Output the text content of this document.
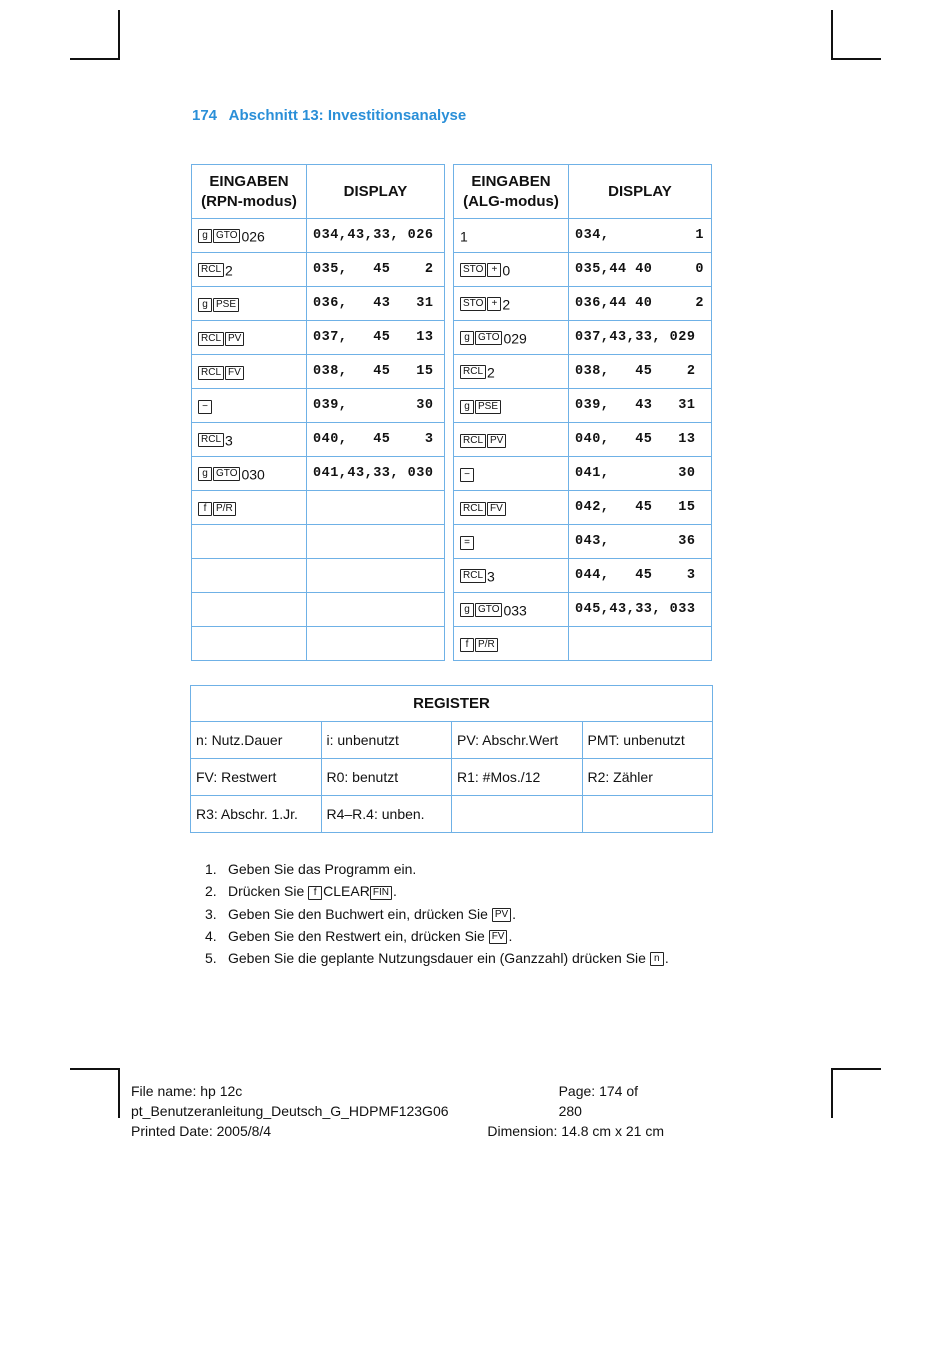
174 Abschnitt 13: Investitionsanalyse
EINGABEN
(RPN-modus)	DISPLAY
g GTO 026	034,43,33, 026
RCL 2	035,   45    2
g PSE	036,   43   31
RCL PV	037,   45   13
RCL FV	038,   45   15
−	039,        30
RCL 3	040,   45    3
g GTO 030	041,43,33, 030
f P/R	

EINGABEN
(ALG-modus)	DISPLAY
1	034,          1
STO + 0	035,44 40     0
STO + 2	036,44 40     2
g GTO 029	037,43,33, 029
RCL 2	038,   45    2
g PSE	039,   43   31
RCL PV	040,   45   13
−	041,        30
RCL FV	042,   45   15
=	043,        36
RCL 3	044,   45    3
g GTO 033	045,43,33, 033
f P/R	
REGISTER			
n: Nutz.Dauer	i: unbenutzt	PV: Abschr.Wert	PMT: unbenutzt
FV: Restwert	R0: benutzt	R1: #Mos./12	R2: Zähler
R3: Abschr. 1.Jr.	R4–R.4: unben.		
1. Geben Sie das Programm ein.
2. Drücken Sie f CLEAR FIN .
3. Geben Sie den Buchwert ein, drücken Sie PV .
4. Geben Sie den Restwert ein, drücken Sie FV .
5. Geben Sie die geplante Nutzungsdauer ein (Ganzzahl) drücken Sie n .
File name: hp 12c pt_Benutzeranleitung_Deutsch_G_HDPMF123G06
Page: 174 of 280
Printed Date: 2005/8/4	Dimension: 14.8 cm x 21 cm
